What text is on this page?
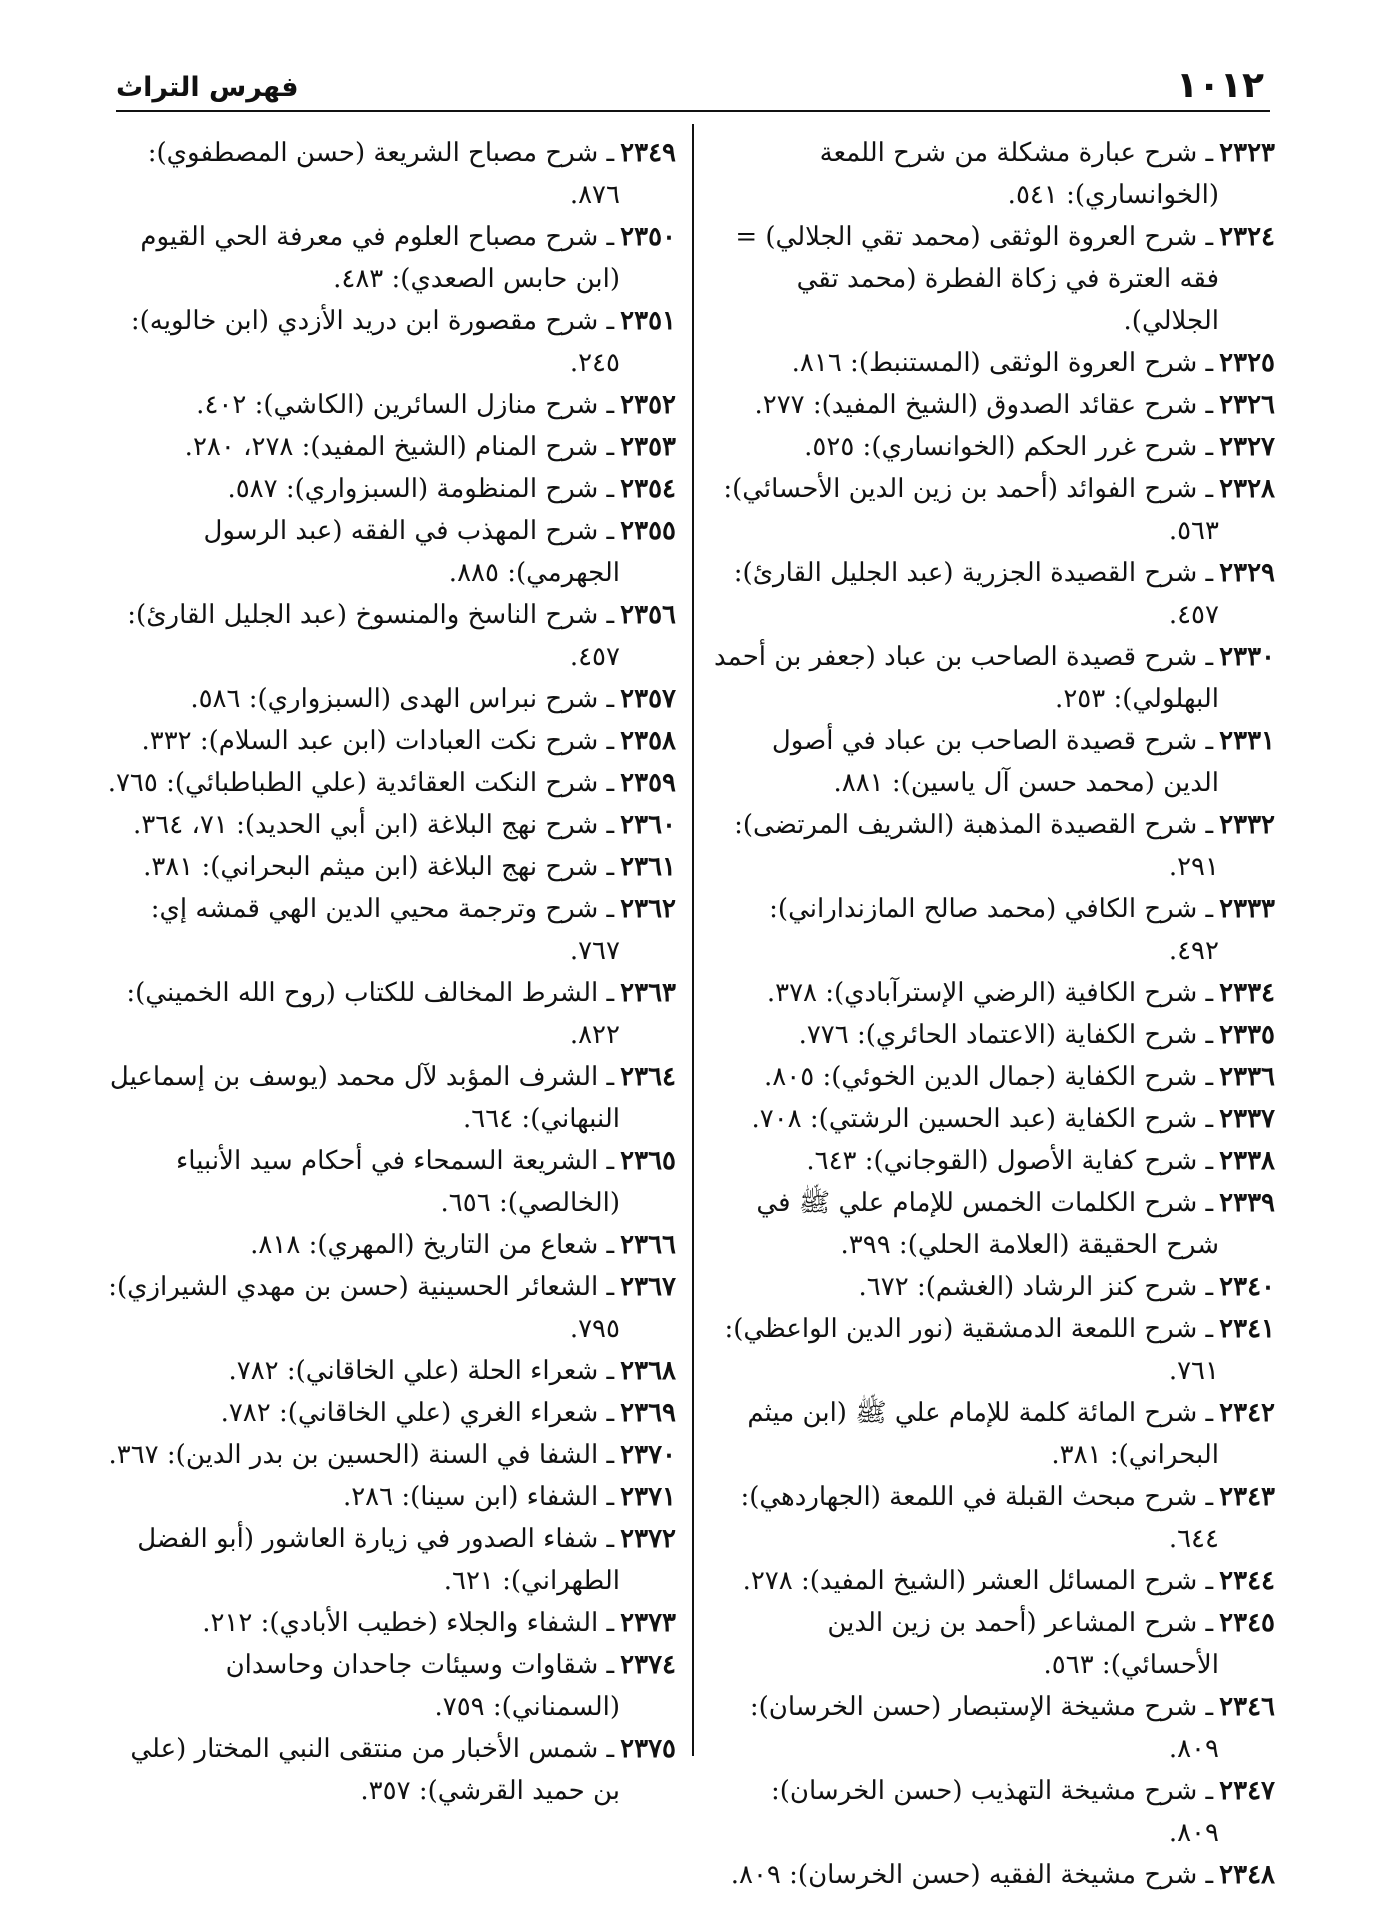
١٠١٢
فهرس التراث

٢٣٢٣ـ شرح عبارة مشكلة من شرح اللمعة (الخوانساري): ٥٤١.

٢٣٢٤ـ شرح العروة الوثقى (محمد تقي الجلالي) = فقه العترة في زكاة الفطرة (محمد تقي الجلالي).

٢٣٢٥ـ شرح العروة الوثقى (المستنبط): ٨١٦.

٢٣٢٦ـ شرح عقائد الصدوق (الشيخ المفيد): ٢٧٧.

٢٣٢٧ـ شرح غرر الحكم (الخوانساري): ٥٢٥.

٢٣٢٨ـ شرح الفوائد (أحمد بن زين الدين الأحسائي): ٥٦٣.

٢٣٢٩ـ شرح القصيدة الجزرية (عبد الجليل القارئ): ٤٥٧.

٢٣٣٠ـ شرح قصيدة الصاحب بن عباد (جعفر بن أحمد البهلولي): ٢٥٣.

٢٣٣١ـ شرح قصيدة الصاحب بن عباد في أصول الدين (محمد حسن آل ياسين): ٨٨١.

٢٣٣٢ـ شرح القصيدة المذهبة (الشريف المرتضى): ٢٩١.

٢٣٣٣ـ شرح الكافي (محمد صالح المازنداراني): ٤٩٢.

٢٣٣٤ـ شرح الكافية (الرضي الإسترآبادي): ٣٧٨.

٢٣٣٥ـ شرح الكفاية (الاعتماد الحائري): ٧٧٦.

٢٣٣٦ـ شرح الكفاية (جمال الدين الخوئي): ٨٠٥.

٢٣٣٧ـ شرح الكفاية (عبد الحسين الرشتي): ٧٠٨.

٢٣٣٨ـ شرح كفاية الأصول (القوجاني): ٦٤٣.

٢٣٣٩ـ شرح الكلمات الخمس للإمام علي ﷺ في شرح الحقيقة (العلامة الحلي): ٣٩٩.

٢٣٤٠ـ شرح كنز الرشاد (الغشم): ٦٧٢.

٢٣٤١ـ شرح اللمعة الدمشقية (نور الدين الواعظي): ٧٦١.

٢٣٤٢ـ شرح المائة كلمة للإمام علي ﷺ (ابن ميثم البحراني): ٣٨١.

٢٣٤٣ـ شرح مبحث القبلة في اللمعة (الجهاردهي): ٦٤٤.

٢٣٤٤ـ شرح المسائل العشر (الشيخ المفيد): ٢٧٨.

٢٣٤٥ـ شرح المشاعر (أحمد بن زين الدين الأحسائي): ٥٦٣.

٢٣٤٦ـ شرح مشيخة الإستبصار (حسن الخرسان): ٨٠٩.

٢٣٤٧ـ شرح مشيخة التهذيب (حسن الخرسان): ٨٠٩.

٢٣٤٨ـ شرح مشيخة الفقيه (حسن الخرسان): ٨٠٩.

٢٣٤٩ـ شرح مصباح الشريعة (حسن المصطفوي): ٨٧٦.

٢٣٥٠ـ شرح مصباح العلوم في معرفة الحي القيوم (ابن حابس الصعدي): ٤٨٣.

٢٣٥١ـ شرح مقصورة ابن دريد الأزدي (ابن خالويه): ٢٤٥.

٢٣٥٢ـ شرح منازل السائرين (الكاشي): ٤٠٢.

٢٣٥٣ـ شرح المنام (الشيخ المفيد): ٢٧٨، ٢٨٠.

٢٣٥٤ـ شرح المنظومة (السبزواري): ٥٨٧.

٢٣٥٥ـ شرح المهذب في الفقه (عبد الرسول الجهرمي): ٨٨٥.

٢٣٥٦ـ شرح الناسخ والمنسوخ (عبد الجليل القارئ): ٤٥٧.

٢٣٥٧ـ شرح نبراس الهدى (السبزواري): ٥٨٦.

٢٣٥٨ـ شرح نكت العبادات (ابن عبد السلام): ٣٣٢.

٢٣٥٩ـ شرح النكت العقائدية (علي الطباطبائي): ٧٦٥.

٢٣٦٠ـ شرح نهج البلاغة (ابن أبي الحديد): ٧١، ٣٦٤.

٢٣٦١ـ شرح نهج البلاغة (ابن ميثم البحراني): ٣٨١.

٢٣٦٢ـ شرح وترجمة محيي الدين الهي قمشه إي: ٧٦٧.

٢٣٦٣ـ الشرط المخالف للكتاب (روح الله الخميني): ٨٢٢.

٢٣٦٤ـ الشرف المؤبد لآل محمد (يوسف بن إسماعيل النبهاني): ٦٦٤.

٢٣٦٥ـ الشريعة السمحاء في أحكام سيد الأنبياء (الخالصي): ٦٥٦.

٢٣٦٦ـ شعاع من التاريخ (المهري): ٨١٨.

٢٣٦٧ـ الشعائر الحسينية (حسن بن مهدي الشيرازي): ٧٩٥.

٢٣٦٨ـ شعراء الحلة (علي الخاقاني): ٧٨٢.

٢٣٦٩ـ شعراء الغري (علي الخاقاني): ٧٨٢.

٢٣٧٠ـ الشفا في السنة (الحسين بن بدر الدين): ٣٦٧.

٢٣٧١ـ الشفاء (ابن سينا): ٢٨٦.

٢٣٧٢ـ شفاء الصدور في زيارة العاشور (أبو الفضل الطهراني): ٦٢١.

٢٣٧٣ـ الشفاء والجلاء (خطيب الأبادي): ٢١٢.

٢٣٧٤ـ شقاوات وسيئات جاحدان وحاسدان (السمناني): ٧٥٩.

٢٣٧٥ـ شمس الأخبار من منتقى النبي المختار (علي بن حميد القرشي): ٣٥٧.
